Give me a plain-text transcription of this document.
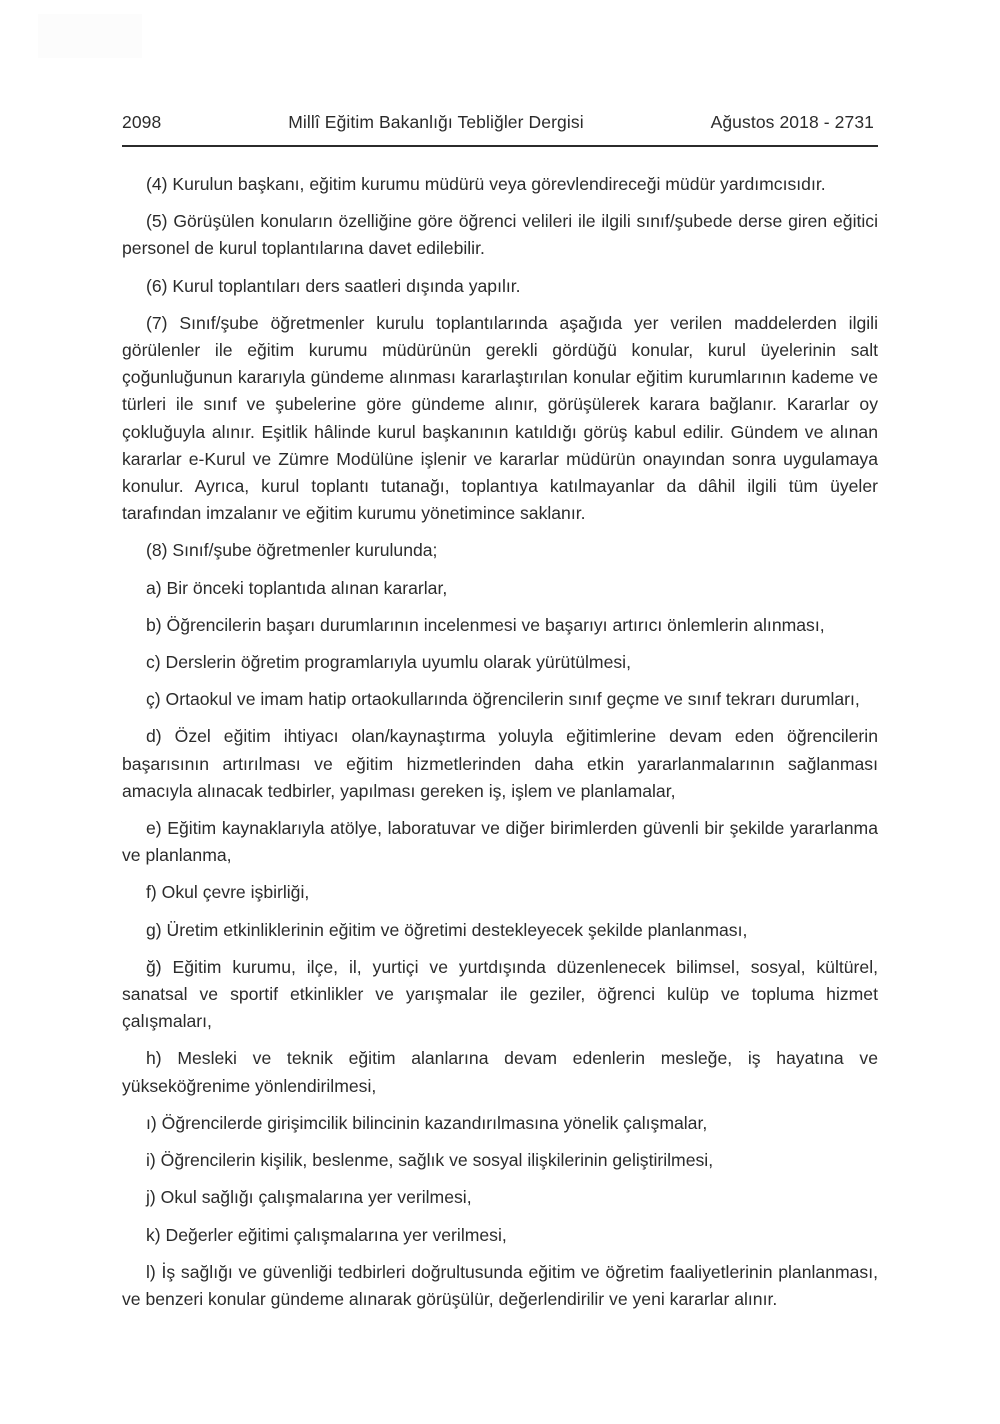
2098	Millî Eğitim Bakanlığı Tebliğler Dergisi	Ağustos 2018 - 2731

(4) Kurulun başkanı, eğitim kurumu müdürü veya görevlendireceği müdür yardımcısıdır.

(5) Görüşülen konuların özelliğine göre öğrenci velileri ile ilgili sınıf/şubede derse giren eğitici personel de kurul toplantılarına davet edilebilir.

(6) Kurul toplantıları ders saatleri dışında yapılır.

(7) Sınıf/şube öğretmenler kurulu toplantılarında aşağıda yer verilen maddelerden ilgili görülenler ile eğitim kurumu müdürünün gerekli gördüğü konular, kurul üyelerinin salt çoğunluğunun kararıyla gündeme alınması kararlaştırılan konular eğitim kurumlarının kademe ve türleri ile sınıf ve şubelerine göre gündeme alınır, görüşülerek karara bağlanır. Kararlar oy çokluğuyla alınır. Eşitlik hâlinde kurul başkanının katıldığı görüş kabul edilir. Gündem ve alınan kararlar e-Kurul ve Zümre Modülüne işlenir ve kararlar müdürün onayından sonra uygulamaya konulur. Ayrıca, kurul toplantı tutanağı, toplantıya katılmayanlar da dâhil ilgili tüm üyeler tarafından imzalanır ve eğitim kurumu yönetimince saklanır.

(8) Sınıf/şube öğretmenler kurulunda;

a) Bir önceki toplantıda alınan kararlar,

b) Öğrencilerin başarı durumlarının incelenmesi ve başarıyı artırıcı önlemlerin alınması,

c) Derslerin öğretim programlarıyla uyumlu olarak yürütülmesi,

ç) Ortaokul ve imam hatip ortaokullarında öğrencilerin sınıf geçme ve sınıf tekrarı durumları,

d) Özel eğitim ihtiyacı olan/kaynaştırma yoluyla eğitimlerine devam eden öğrencilerin başarısının artırılması ve eğitim hizmetlerinden daha etkin yararlanmalarının sağlanması amacıyla alınacak tedbirler, yapılması gereken iş, işlem ve planlamalar,

e) Eğitim kaynaklarıyla atölye, laboratuvar ve diğer birimlerden güvenli bir şekilde yararlanma ve planlanma,

f) Okul çevre işbirliği,

g) Üretim etkinliklerinin eğitim ve öğretimi destekleyecek şekilde planlanması,

ğ) Eğitim kurumu, ilçe, il, yurtiçi ve yurtdışında düzenlenecek bilimsel, sosyal, kültürel, sanatsal ve sportif etkinlikler ve yarışmalar ile geziler, öğrenci kulüp ve topluma hizmet çalışmaları,

h) Mesleki ve teknik eğitim alanlarına devam edenlerin mesleğe, iş hayatına ve yükseköğrenime yönlendirilmesi,

ı) Öğrencilerde girişimcilik bilincinin kazandırılmasına yönelik çalışmalar,

i) Öğrencilerin kişilik, beslenme, sağlık ve sosyal ilişkilerinin geliştirilmesi,

j) Okul sağlığı çalışmalarına yer verilmesi,

k) Değerler eğitimi çalışmalarına yer verilmesi,

l) İş sağlığı ve güvenliği tedbirleri doğrultusunda eğitim ve öğretim faaliyetlerinin planlanması, ve benzeri konular gündeme alınarak görüşülür, değerlendirilir ve yeni kararlar alınır.
